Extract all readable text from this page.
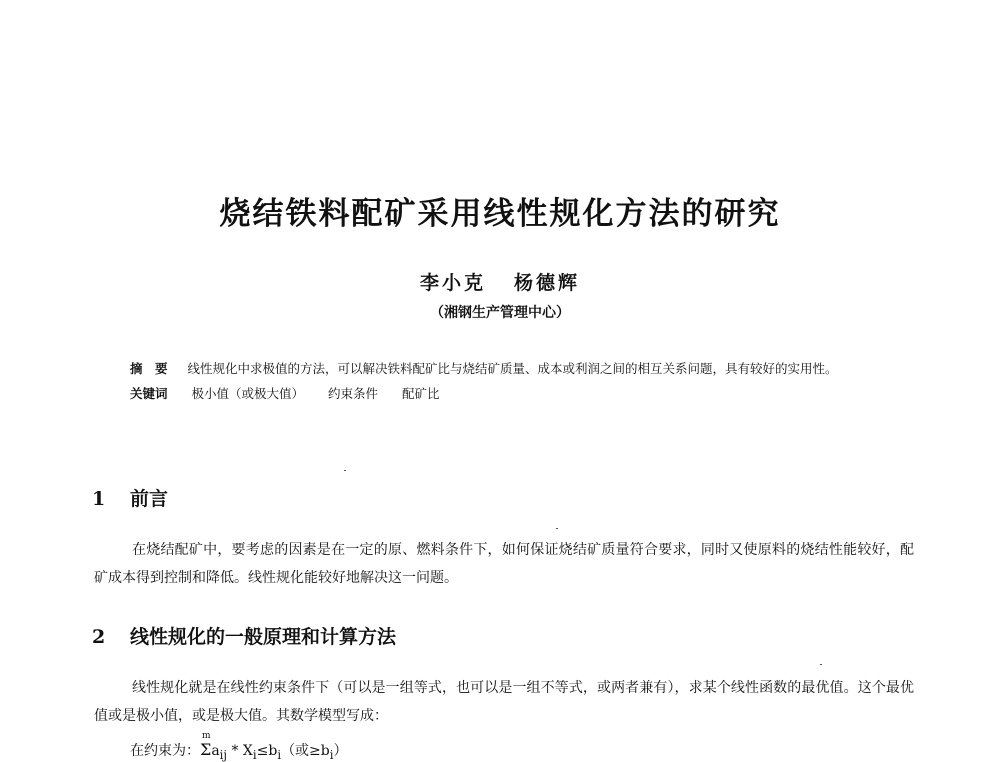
烧结铁料配矿采用线性规化方法的研究
李小克 杨德辉
（湘钢生产管理中心）
摘　要 线性规化中求极值的方法，可以解决铁料配矿比与烧结矿质量、成本或利润之间的相互关系问题，具有较好的实用性。
关键词 极小值（或极大值） 约束条件 配矿比
1 前言
在烧结配矿中，要考虑的因素是在一定的原、燃料条件下，如何保证烧结矿质量符合要求，同时又使原料的烧结性能较好，配矿成本得到控制和降低。线性规化能较好地解决这一问题。
2 线性规化的一般原理和计算方法
线性规化就是在线性约束条件下（可以是一组等式，也可以是一组不等式，或两者兼有），求某个线性函数的最优值。这个最优值或是极小值，或是极大值。其数学模型写成：
在约束为：
m
$\Sigma a_{ij} * X_i\le b_i$（或$\ge b_i$）
